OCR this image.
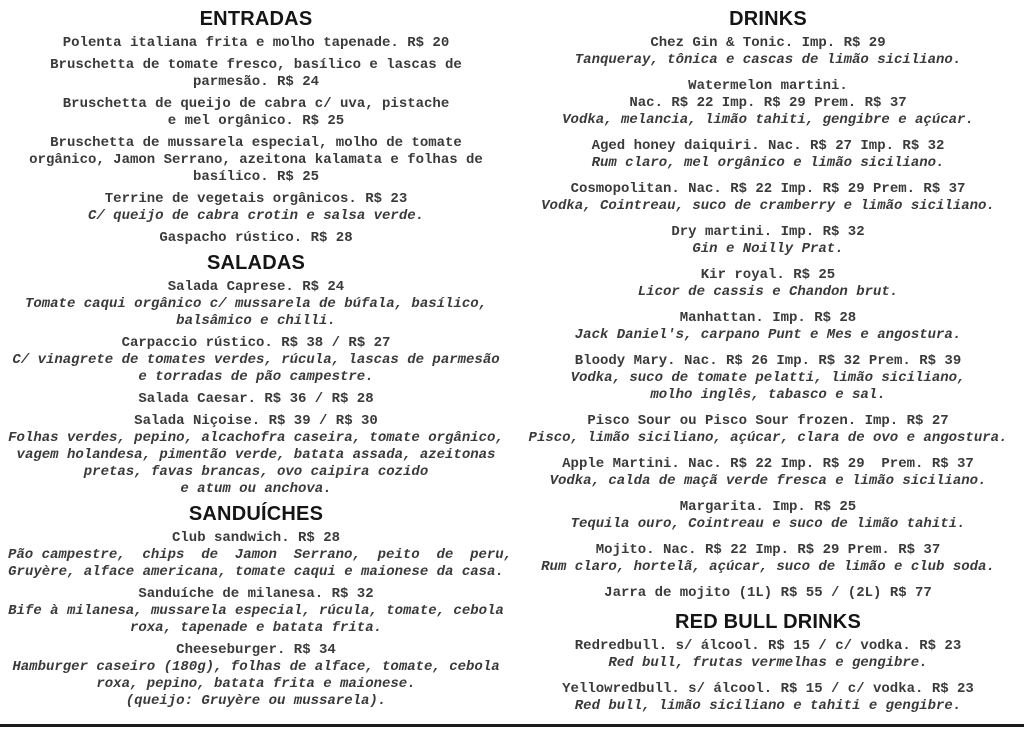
ENTRADAS
Polenta italiana frita e molho tapenade. R$ 20
Bruschetta de tomate fresco, basílico e lascas de
parmesão. R$ 24
Bruschetta de queijo de cabra c/ uva, pistache
e mel orgânico. R$ 25
Bruschetta de mussarela especial, molho de tomate
orgânico, Jamon Serrano, azeitona kalamata e folhas de
basílico. R$ 25
Terrine de vegetais orgânicos. R$ 23
C/ queijo de cabra crotin e salsa verde.
Gaspacho rústico. R$ 28
SALADAS
Salada Caprese. R$ 24
Tomate caqui orgânico c/ mussarela de búfala, basílico,
balsâmico e chilli.
Carpaccio rústico. R$ 38 / R$ 27
C/ vinagrete de tomates verdes, rúcula, lascas de parmesão
e torradas de pão campestre.
Salada Caesar. R$ 36 / R$ 28
Salada Niçoise. R$ 39 / R$ 30
Folhas verdes, pepino, alcachofra caseira, tomate orgânico,
vagem holandesa, pimentão verde, batata assada, azeitonas
pretas, favas brancas, ovo caipira cozido
e atum ou anchova.
SANDUÍCHES
Club sandwich. R$ 28
Pão campestre,  chips  de  Jamon  Serrano,  peito  de  peru,
Gruyère, alface americana, tomate caqui e maionese da casa.
Sanduíche de milanesa. R$ 32
Bife à milanesa, mussarela especial, rúcula, tomate, cebola
roxa, tapenade e batata frita.
Cheeseburger. R$ 34
Hamburger caseiro (180g), folhas de alface, tomate, cebola
roxa, pepino, batata frita e maionese.
(queijo: Gruyère ou mussarela).
DRINKS
Chez Gin & Tonic. Imp. R$ 29
Tanqueray, tônica e cascas de limão siciliano.
Watermelon martini.
Nac. R$ 22 Imp. R$ 29 Prem. R$ 37
Vodka, melancia, limão tahiti, gengibre e açúcar.
Aged honey daiquiri. Nac. R$ 27 Imp. R$ 32
Rum claro, mel orgânico e limão siciliano.
Cosmopolitan. Nac. R$ 22 Imp. R$ 29 Prem. R$ 37
Vodka, Cointreau, suco de cramberry e limão siciliano.
Dry martini. Imp. R$ 32
Gin e Noilly Prat.
Kir royal. R$ 25
Licor de cassis e Chandon brut.
Manhattan. Imp. R$ 28
Jack Daniel's, carpano Punt e Mes e angostura.
Bloody Mary. Nac. R$ 26 Imp. R$ 32 Prem. R$ 39
Vodka, suco de tomate pelatti, limão siciliano,
molho inglês, tabasco e sal.
Pisco Sour ou Pisco Sour frozen. Imp. R$ 27
Pisco, limão siciliano, açúcar, clara de ovo e angostura.
Apple Martini. Nac. R$ 22 Imp. R$ 29  Prem. R$ 37
Vodka, calda de maçã verde fresca e limão siciliano.
Margarita. Imp. R$ 25
Tequila ouro, Cointreau e suco de limão tahiti.
Mojito. Nac. R$ 22 Imp. R$ 29 Prem. R$ 37
Rum claro, hortelã, açúcar, suco de limão e club soda.
Jarra de mojito (1L) R$ 55 / (2L) R$ 77
RED BULL DRINKS
Redredbull. s/ álcool. R$ 15 / c/ vodka. R$ 23
Red bull, frutas vermelhas e gengibre.
Yellowredbull. s/ álcool. R$ 15 / c/ vodka. R$ 23
Red bull, limão siciliano e tahiti e gengibre.
